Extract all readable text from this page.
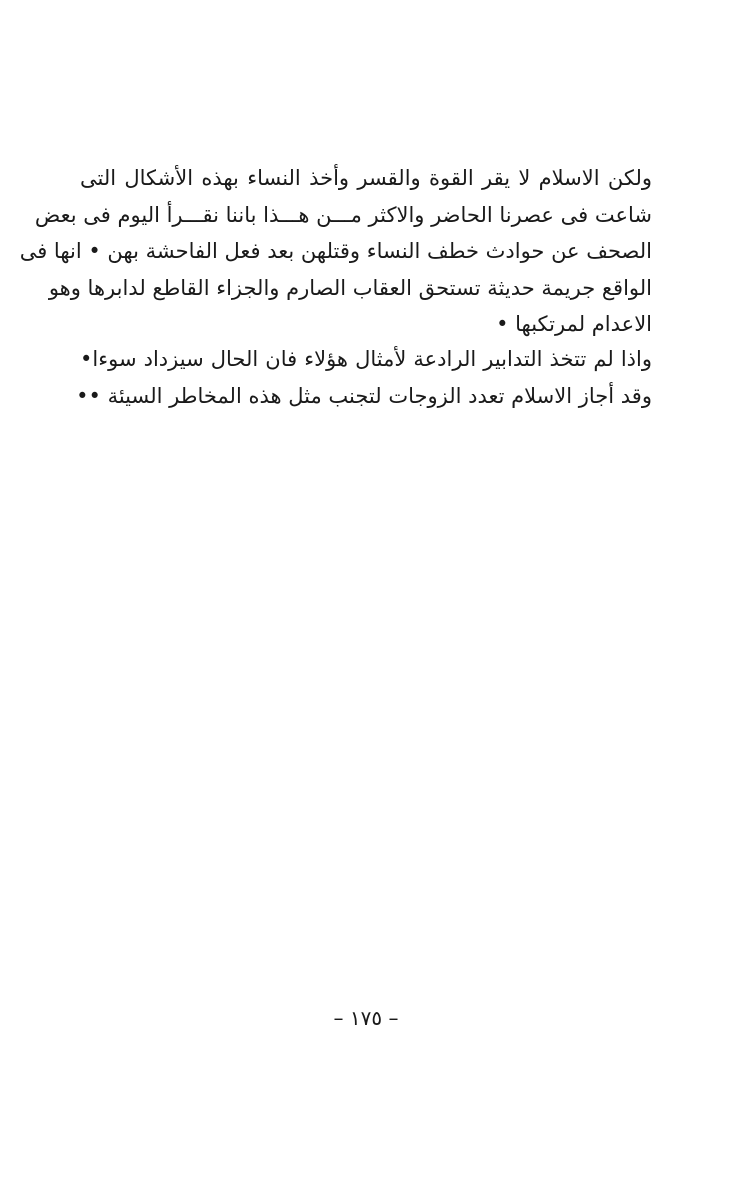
ولكن الاسلام لا يقر القوة والقسر وأخذ النساء بهذه الأشكال التى
شاعت فى عصرنا الحاضر والاكثر مـــن هـــذا باننا نقـــرأ اليوم فى بعض
الصحف عن حوادث خطف النساء وقتلهن بعد فعل الفاحشة بهن • انها فى
الواقع جريمة حديثة تستحق العقاب الصارم والجزاء القاطع لدابرها وهو
الاعدام لمرتكبها •
واذا لم تتخذ التدابير الرادعة لأمثال هؤلاء فان الحال سيزداد سوءا•
وقد أجاز الاسلام تعدد الزوجات لتجنب مثل هذه المخاطر السيئة ••
– ١٧٥ –
